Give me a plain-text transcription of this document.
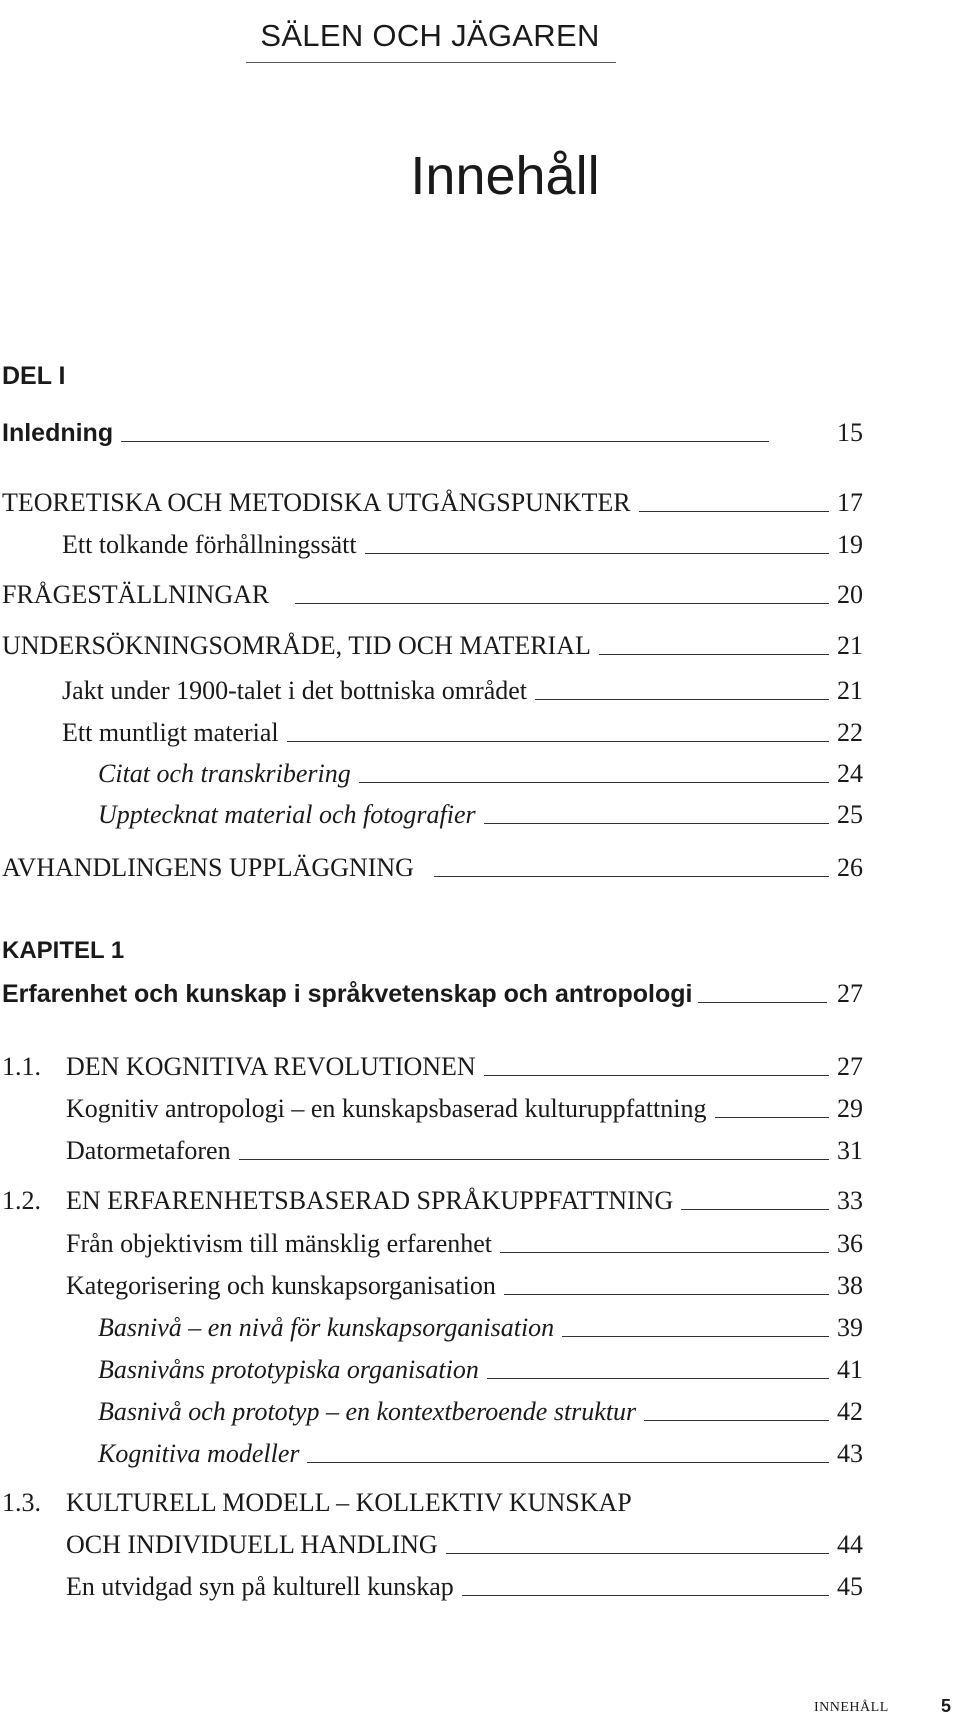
SÄLEN OCH JÄGAREN
Innehåll
DEL I
Inledning	15
TEORETISKA OCH METODISKA UTGÅNGSPUNKTER	17
Ett tolkande förhållningssätt	19
FRÅGESTÄLLNINGAR	20
UNDERSÖKNINGSOMRÅDE, TID OCH MATERIAL	21
Jakt under 1900-talet i det bottniska området	21
Ett muntligt material	22
Citat och transkribering	24
Upptecknat material och fotografier	25
AVHANDLINGENS UPPLÄGGNING	26
KAPITEL 1
Erfarenhet och kunskap i språkvetenskap och antropologi	27
1.1. DEN KOGNITIVA REVOLUTIONEN	27
Kognitiv antropologi – en kunskapsbaserad kulturuppfattning	29
Datormetaforen	31
1.2. EN ERFARENHETSBASERAD SPRÅKUPPFATTNING	33
Från objektivism till mänsklig erfarenhet	36
Kategorisering och kunskapsorganisation	38
Basnivå – en nivå för kunskapsorganisation	39
Basnivåns prototypiska organisation	41
Basnivå och prototyp – en kontextberoende struktur	42
Kognitiva modeller	43
1.3. KULTURELL MODELL – KOLLEKTIV KUNSKAP
OCH INDIVIDUELL HANDLING	44
En utvidgad syn på kulturell kunskap	45
INNEHÅLL	5
